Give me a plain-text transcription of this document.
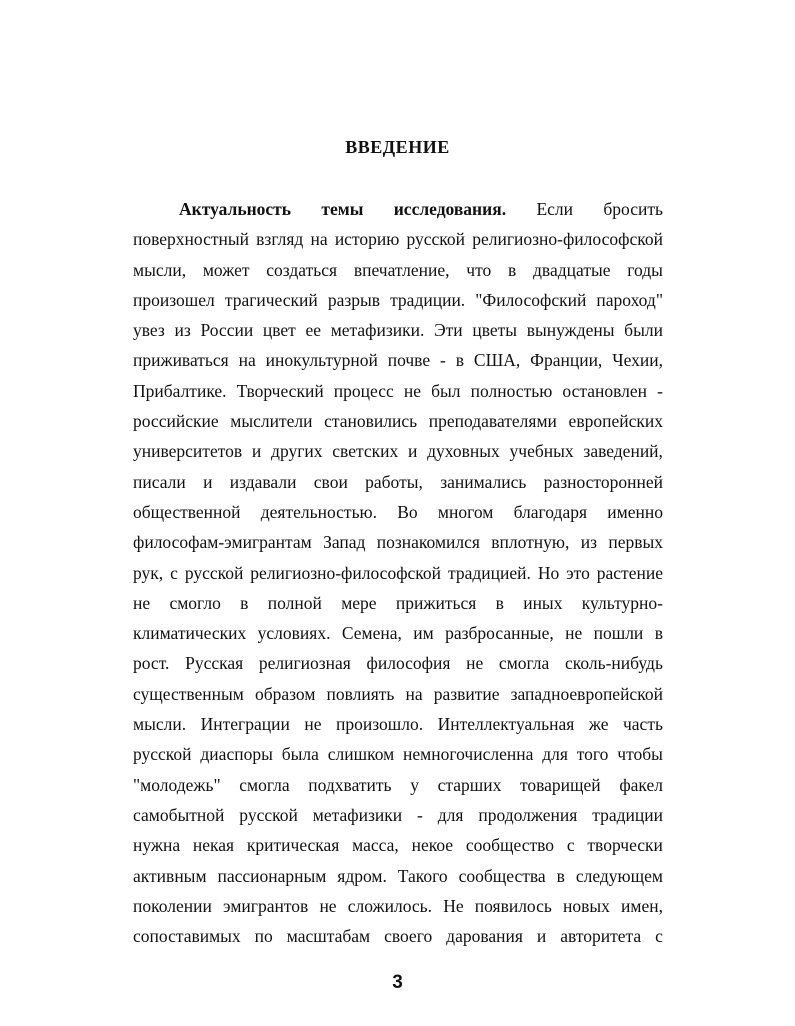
ВВЕДЕНИЕ
Актуальность темы исследования. Если бросить
поверхностный взгляд на историю русской религиозно-философской
мысли, может создаться впечатление, что в двадцатые годы
произошел трагический разрыв традиции. "Философский пароход"
увез из России цвет ее метафизики. Эти цветы вынуждены были
приживаться на инокультурной почве - в США, Франции, Чехии,
Прибалтике. Творческий процесс не был полностью остановлен -
российские мыслители становились преподавателями европейских
университетов и других светских и духовных учебных заведений,
писали и издавали свои работы, занимались разносторонней
общественной деятельностью. Во многом благодаря именно
философам-эмигрантам Запад познакомился вплотную, из первых
рук, с русской религиозно-философской традицией. Но это растение
не смогло в полной мере прижиться в иных культурно-
климатических условиях. Семена, им разбросанные, не пошли в
рост. Русская религиозная философия не смогла сколь-нибудь
существенным образом повлиять на развитие западноевропейской
мысли. Интеграции не произошло. Интеллектуальная же часть
русской диаспоры была слишком немногочисленна для того чтобы
"молодежь" смогла подхватить у старших товарищей факел
самобытной русской метафизики - для продолжения традиции
нужна некая критическая масса, некое сообщество с творчески
активным пассионарным ядром. Такого сообщества в следующем
поколении эмигрантов не сложилось. Не появилось новых имен,
сопоставимых по масштабам своего дарования и авторитета с
3
